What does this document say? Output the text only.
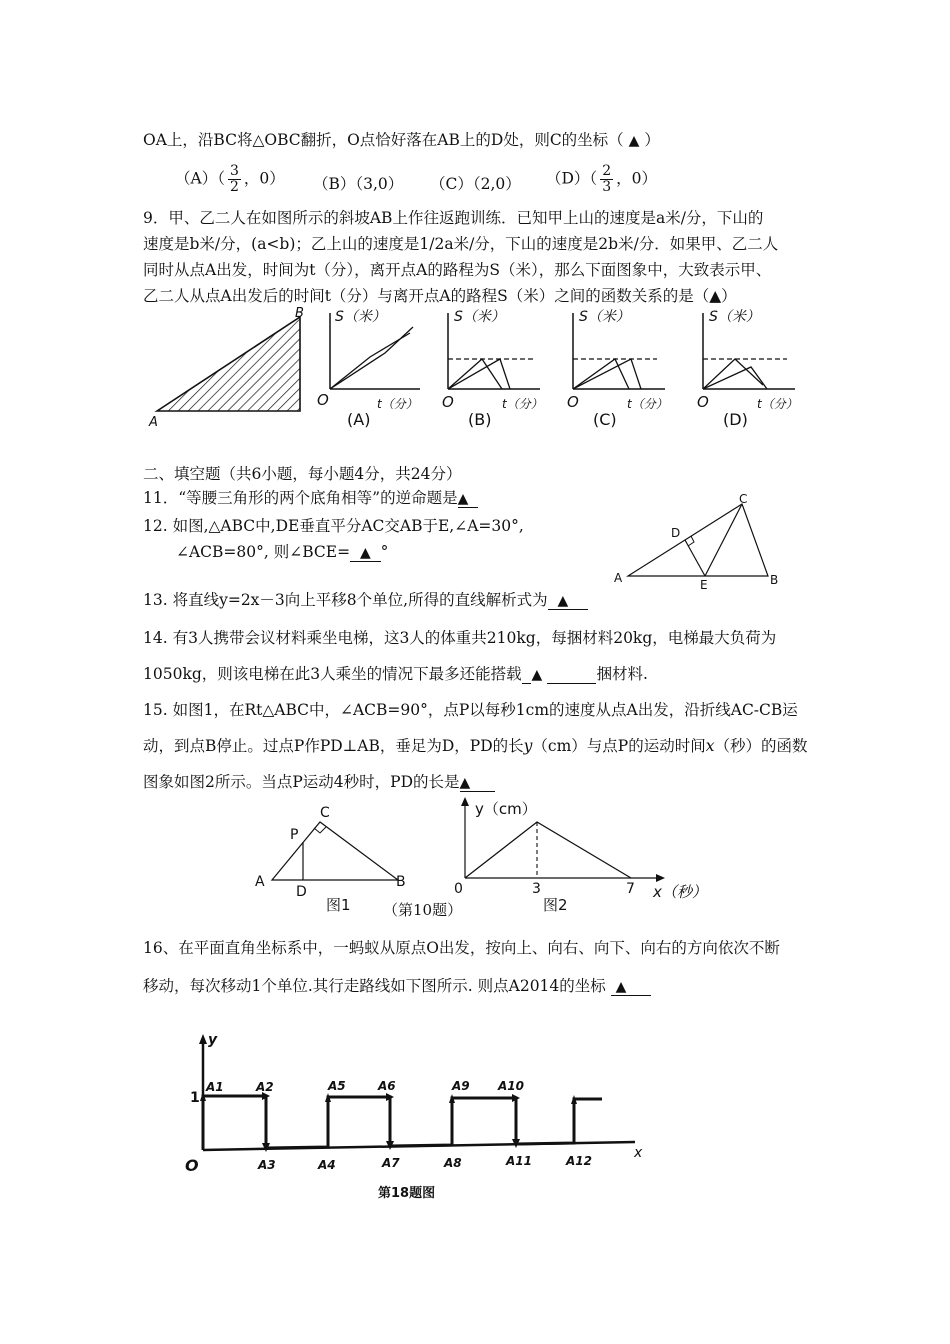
OA上，沿BC将△OBC翻折，O点恰好落在AB上的D处，则C的坐标（ ▲ ）
$(A)( \frac{3}{2}$ ，0） （B）（3,0） （C）（2,0） $(D)( \frac{2}{3}$ ，0）
9．甲、乙二人在如图所示的斜坡AB上作往返跑训练．已知甲上山的速度是a米/分，下山的
速度是b米/分，(a<b)；乙上山的速度是1/2a米/分，下山的速度是2b米/分．如果甲、乙二人
同时从点A出发，时间为t（分），离开点A的路程为S（米），那么下面图象中，大致表示甲、
乙二人从点A出发后的时间t（分）与离开点A的路程S（米）之间的函数关系的是（▲）
A
B S（米）
O	t（分）
(A)
S（米）
O	t（分）
(B)
S（米）
O	t（分）
(C)
S（米）
O	t（分）
(D)
二、填空题（共6小题，每小题4分，共24分）
11．“等腰三角形的两个底角相等”的逆命题是▲
12. 如图,△ABC中,DE垂直平分AC交AB于E,∠A=30°,
∠ACB=80°, 则∠BCE= ▲ °
A	B
C
D
E
13. 将直线y=2x－3向上平移8个单位,所得的直线解析式为 ▲
14. 有3人携带会议材料乘坐电梯，这3人的体重共210kg，每捆材料20kg，电梯最大负荷为
1050kg，则该电梯在此3人乘坐的情况下最多还能搭载 ▲	捆材料.
15. 如图1，在Rt△ABC中，∠ACB=90°，点P以每秒1cm的速度从点A出发，沿折线AC-CB运
动，到点B停止。过点P作PD⊥AB，垂足为D，PD的长y（cm）与点P的运动时间x（秒）的函数
图象如图2所示。当点P运动4秒时，PD的长是▲
A	B
C
D
P
图1 （第10题）
y（cm）
0	3	7 x（秒）
图2
16、在平面直角坐标系中，一蚂蚁从原点O出发，按向上、向右、向下、向右的方向依次不断
移动，每次移动1个单位.其行走路线如下图所示. 则点A2014的坐标 ▲
y
x
O
1
A1	A2
A3	A4
A5	A6
A7	A8
A9 A10
A11	A12
第18题图
